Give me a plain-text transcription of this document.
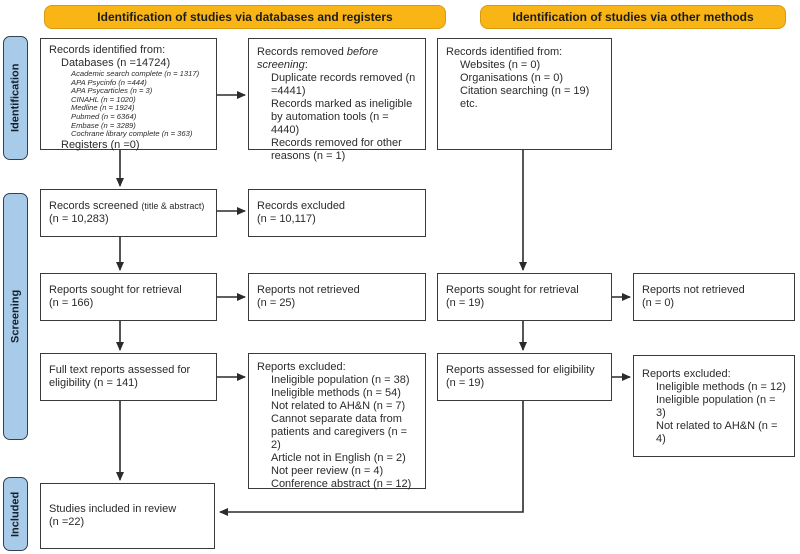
Identification of studies via databases and registers	Identification of studies via other methods
Identification
Screening
Included
Records identified from:
Databases (n =14724)
Academic search complete (n = 1317)
APA Psycinfo (n =444)
APA Psycarticles (n = 3)
CINAHL (n = 1020)
Medline (n = 1924)
Pubmed (n = 6364)
Embase (n = 3289)
Cochrane library complete (n = 363)
Registers (n =0)
Records removed before screening:
Duplicate records removed (n =4441)
Records marked as ineligible by automation tools (n = 4440)
Records removed for other reasons (n = 1)
Records identified from:
Websites (n = 0)
Organisations (n = 0)
Citation searching (n = 19)
etc.
Records screened (title & abstract)
(n = 10,283)
Records excluded
(n = 10,117)
Reports sought for retrieval
(n = 166)
Reports not retrieved
(n = 25)
Reports sought for retrieval
(n = 19)
Reports not retrieved
(n = 0)
Full text reports assessed for
eligibility (n = 141)
Reports excluded:
Ineligible population (n = 38)
Ineligible methods (n = 54)
Not related to AH&N (n = 7)
Cannot separate data from patients and caregivers (n = 2)
Article not in English (n = 2)
Not peer review (n = 4)
Conference abstract (n = 12)
Reports assessed for eligibility
(n = 19)
Reports excluded:
Ineligible methods (n = 12)
Ineligible population (n = 3)
Not related to AH&N (n = 4)
Studies included in review
(n =22)
